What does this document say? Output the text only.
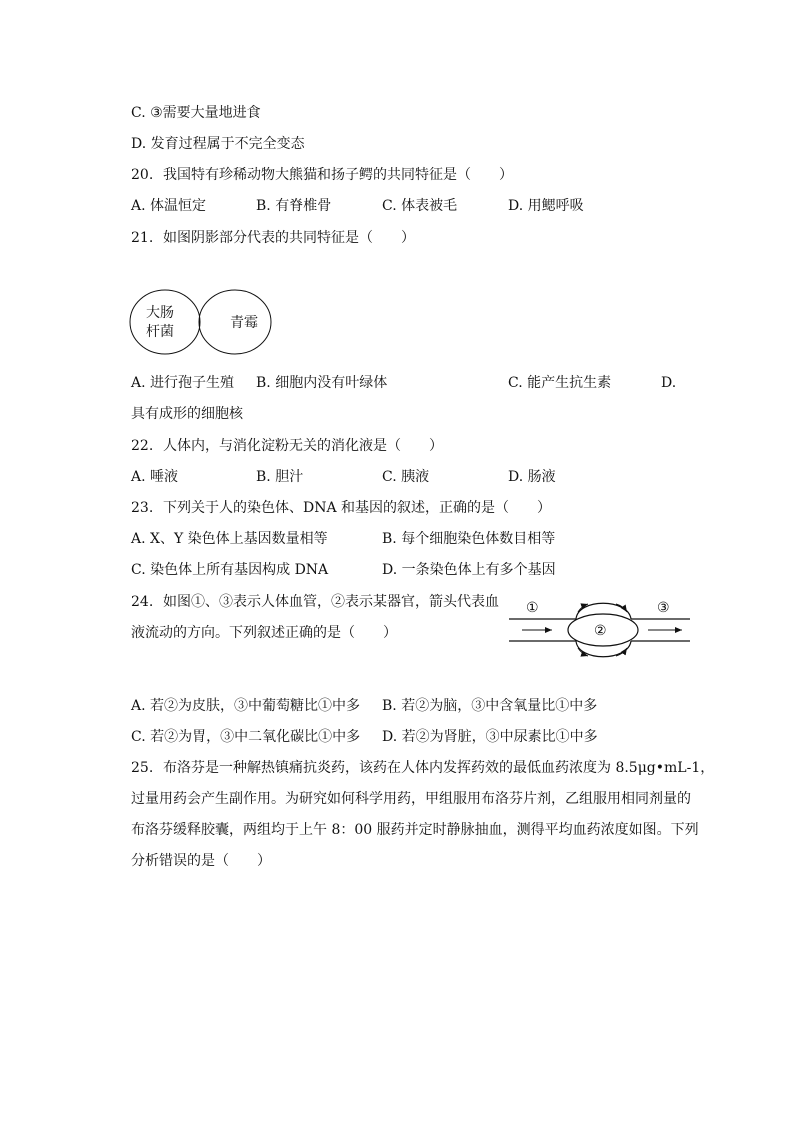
C. ③需要大量地进食
D. 发育过程属于不完全变态
20. 我国特有珍稀动物大熊猫和扬子鳄的共同特征是（　　）
A. 体温恒定	B. 有脊椎骨	C. 体表被毛	D. 用鳃呼吸
21. 如图阴影部分代表的共同特征是（　　）
大肠
杆菌
青霉
A. 进行孢子生殖 B. 细胞内没有叶绿体	C. 能产生抗生素	D.
具有成形的细胞核
22. 人体内，与消化淀粉无关的消化液是（　　）
A. 唾液	B. 胆汁	C. 胰液	D. 肠液
23. 下列关于人的染色体、DNA 和基因的叙述，正确的是（　　）
A. X、Y 染色体上基因数量相等	B. 每个细胞染色体数目相等
C. 染色体上所有基因构成 DNA	D. 一条染色体上有多个基因
24. 如图①、③表示人体血管，②表示某器官，箭头代表血
液流动的方向。下列叙述正确的是（　　）
①
②
③
A. 若②为皮肤，③中葡萄糖比①中多 B. 若②为脑，③中含氧量比①中多
C. 若②为胃，③中二氧化碳比①中多 D. 若②为肾脏，③中尿素比①中多
25. 布洛芬是一种解热镇痛抗炎药，该药在人体内发挥药效的最低血药浓度为 8.5μg•mL-1，
过量用药会产生副作用。为研究如何科学用药，甲组服用布洛芬片剂，乙组服用相同剂量的
布洛芬缓释胶囊，两组均于上午 8：00 服药并定时静脉抽血，测得平均血药浓度如图。下列
分析错误的是（　　）
